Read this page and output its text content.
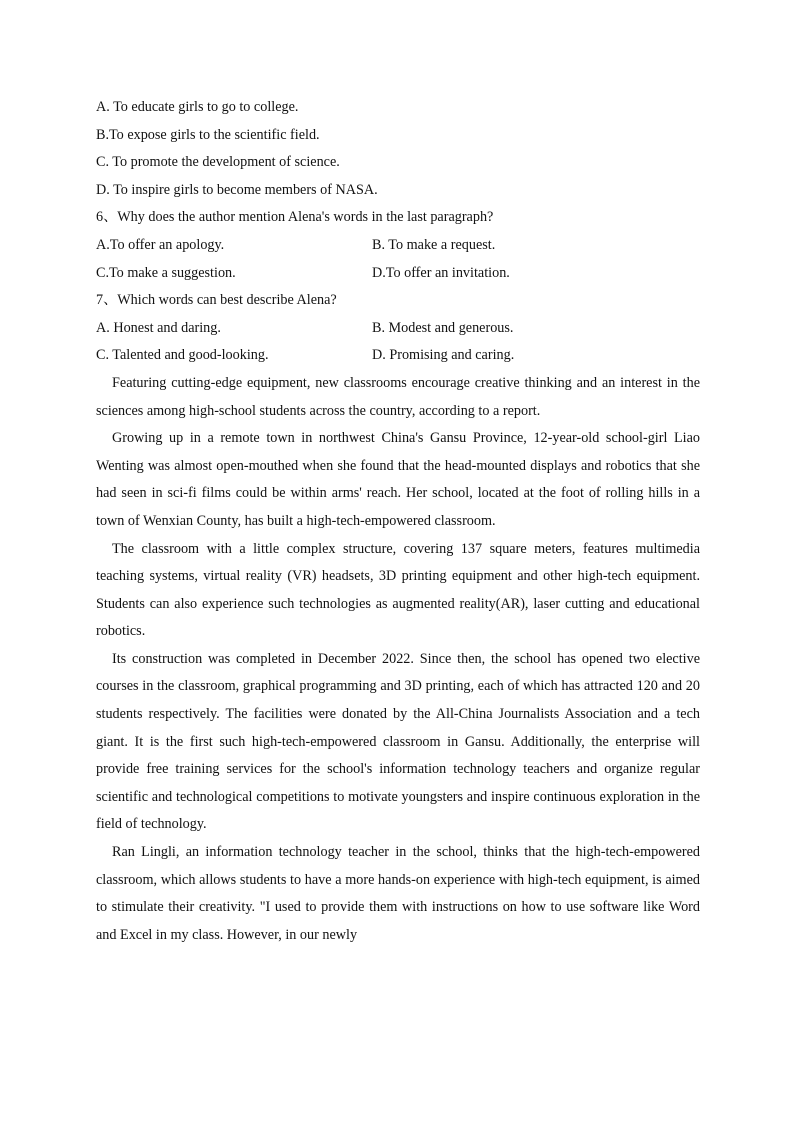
A. To educate girls to go to college.
B.To expose girls to the scientific field.
C. To promote the development of science.
D. To inspire girls to become members of NASA.
6、Why does the author mention Alena's words in the last paragraph?
A.To offer an apology.	B. To make a request.
C.To make a suggestion.	D.To offer an invitation.
7、Which words can best describe Alena?
A. Honest and daring.	B. Modest and generous.
C. Talented and good-looking.	D. Promising and caring.

Featuring cutting-edge equipment, new classrooms encourage creative thinking and an interest in the sciences among high-school students across the country, according to a report.

Growing up in a remote town in northwest China's Gansu Province, 12-year-old school-girl Liao Wenting was almost open-mouthed when she found that the head-mounted displays and robotics that she had seen in sci-fi films could be within arms' reach. Her school, located at the foot of rolling hills in a town of Wenxian County, has built a high-tech-empowered classroom.

The classroom with a little complex structure, covering 137 square meters, features multimedia teaching systems, virtual reality (VR) headsets, 3D printing equipment and other high-tech equipment. Students can also experience such technologies as augmented reality(AR), laser cutting and educational robotics.

Its construction was completed in December 2022. Since then, the school has opened two elective courses in the classroom, graphical programming and 3D printing, each of which has attracted 120 and 20 students respectively. The facilities were donated by the All-China Journalists Association and a tech giant. It is the first such high-tech-empowered classroom in Gansu. Additionally, the enterprise will provide free training services for the school's information technology teachers and organize regular scientific and technological competitions to motivate youngsters and inspire continuous exploration in the field of technology.

Ran Lingli, an information technology teacher in the school, thinks that the high-tech-empowered classroom, which allows students to have a more hands-on experience with high-tech equipment, is aimed to stimulate their creativity. "I used to provide them with instructions on how to use software like Word and Excel in my class. However, in our newly
